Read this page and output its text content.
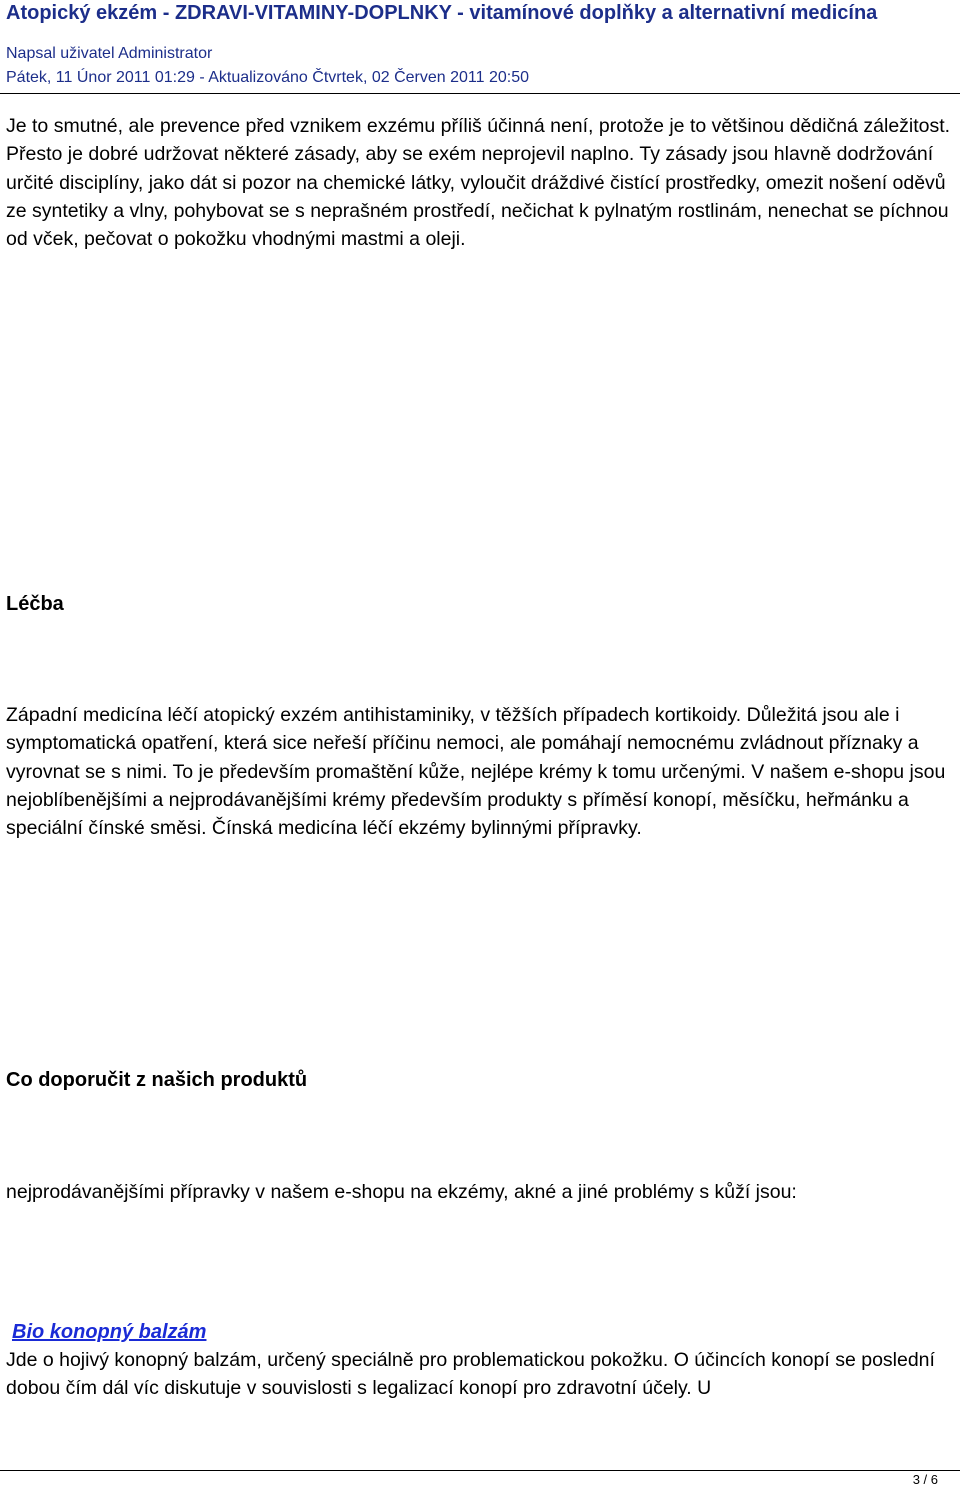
Atopický ekzém - ZDRAVI-VITAMINY-DOPLNKY - vitamínové doplňky a alternativní medicína
Napsal uživatel Administrator
Pátek, 11 Únor 2011 01:29 - Aktualizováno Čtvrtek, 02 Červen 2011 20:50

Je to smutné, ale prevence před vznikem exzému příliš účinná není, protože je to většinou dědičná záležitost. Přesto je dobré udržovat některé zásady, aby se exém neprojevil naplno. Ty zásady jsou hlavně dodržování určité disciplíny, jako dát si pozor na chemické látky, vyloučit dráždivé čistící prostředky, omezit nošení oděvů ze syntetiky a vlny, pohybovat se s neprašném prostředí, nečichat k pylnatým rostlinám, nenechat se píchnou od vček, pečovat o pokožku vhodnými mastmi a oleji.

Léčba

Západní medicína léčí atopický exzém antihistaminiky, v těžších případech kortikoidy. Důležitá jsou ale i symptomatická opatření, která sice neřeší příčinu nemoci, ale pomáhají nemocnému zvládnout příznaky a vyrovnat se s nimi. To je především promaštění kůže, nejlépe krémy k tomu určenými. V našem e-shopu jsou nejoblíbenějšími a nejprodávanějšími krémy především produkty s příměsí konopí, měsíčku, heřmánku a speciální čínské směsi. Čínská medicína léčí ekzémy bylinnými přípravky.

Co doporučit z našich produktů

nejprodávanějšími přípravky v našem e-shopu na ekzémy, akné a jiné problémy s kůží jsou:

Bio konopný balzám

Jde o hojivý konopný balzám, určený speciálně pro problematickou pokožku. O účincích konopí se poslední dobou čím dál víc diskutuje v souvislosti s legalizací konopí pro zdravotní účely. U

3 / 6
